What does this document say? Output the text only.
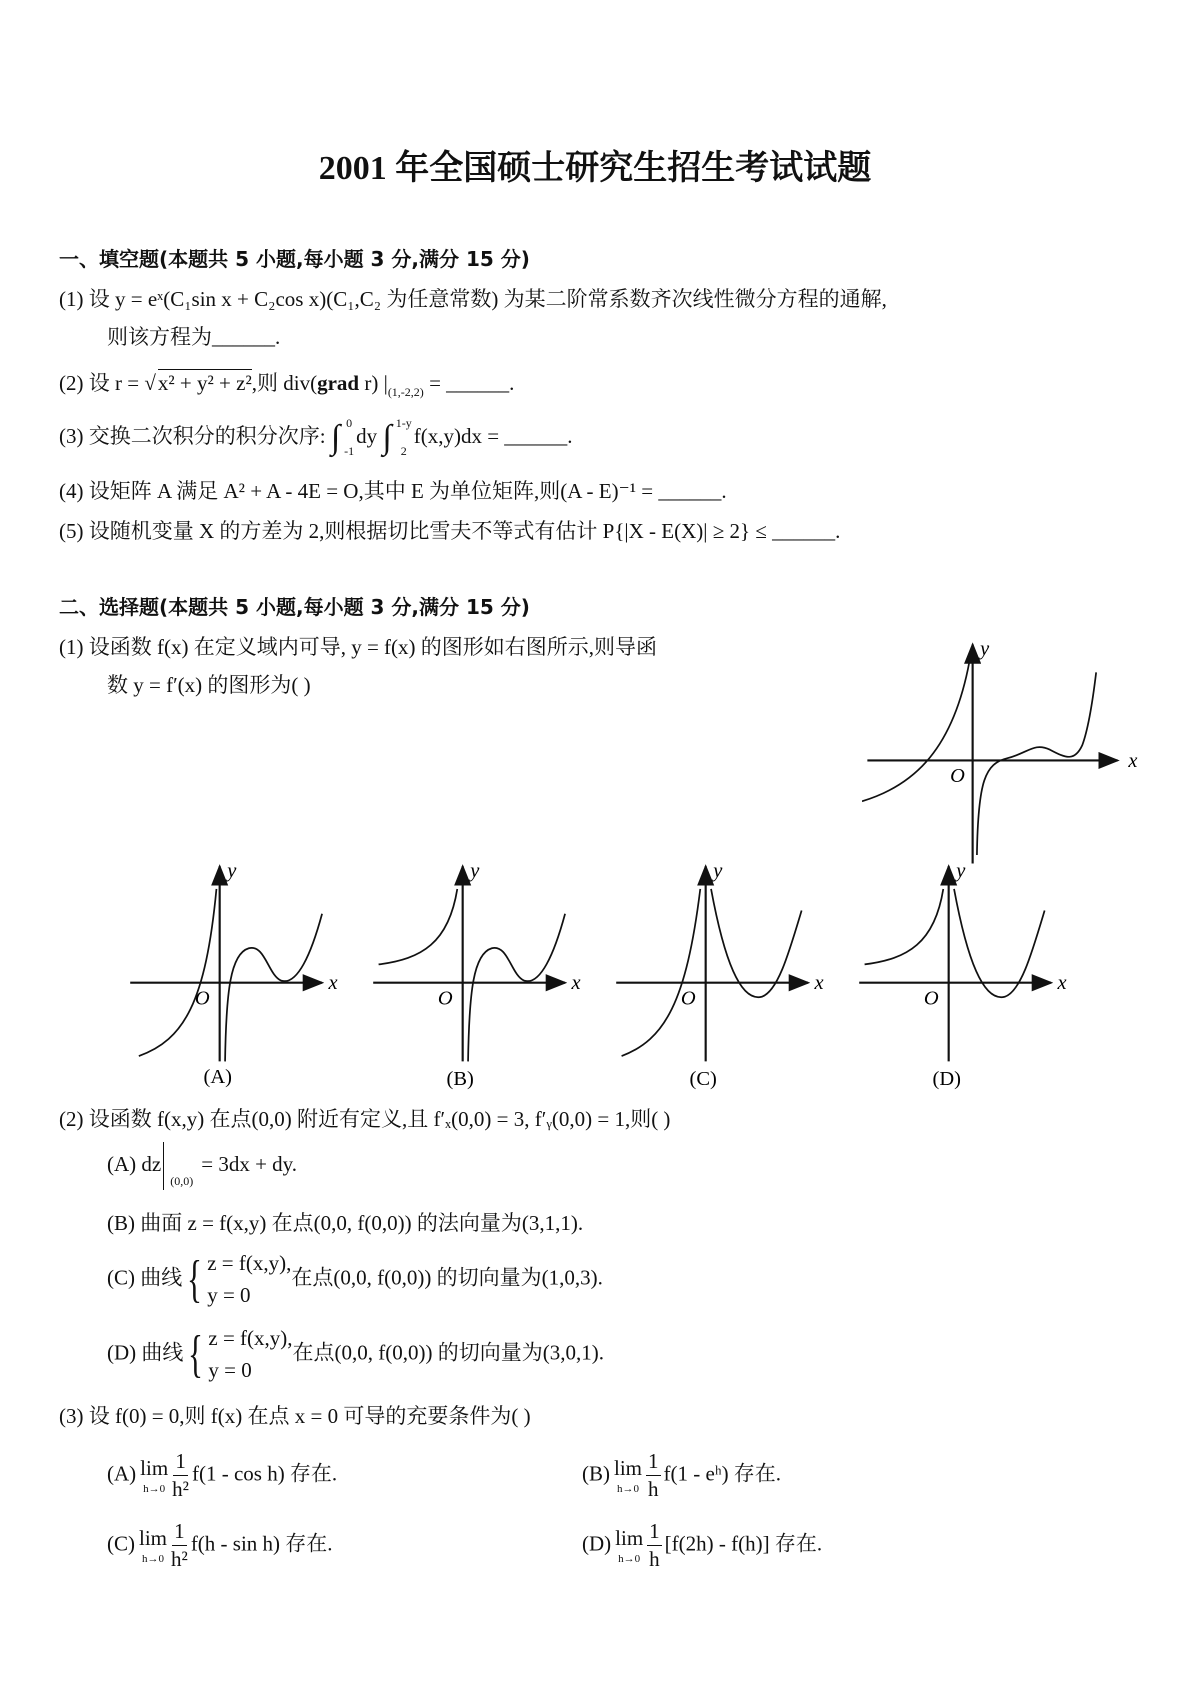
2001 年全国硕士研究生招生考试试题
一、填空题(本题共 5 小题,每小题 3 分,满分 15 分)
(1) 设 y = eˣ(C₁sin x + C₂cos x)(C₁,C₂ 为任意常数) 为某二阶常系数齐次线性微分方程的通解,
则该方程为______.
(2) 设 r = √x² + y² + z²,则 div(grad r) $|_{(1,-2,2)}$ = ______.
(3) 交换二次积分的积分次序: ∫ 0
-1
dy ∫ 1-y
2
f(x,y)dx = ______.
(4) 设矩阵 A 满足 A² + A - 4E = O,其中 E 为单位矩阵,则(A - E)⁻¹ = ______.
(5) 设随机变量 X 的方差为 2,则根据切比雪夫不等式有估计 P{|X - E(X)| ≥ 2} ≤ ______.
二、选择题(本题共 5 小题,每小题 3 分,满分 15 分)
(1) 设函数 f(x) 在定义域内可导, y = f(x) 的图形如右图所示,则导函
数 y = f′(x) 的图形为( )
x
y
O
x
y
O
(A)
x
y
O
(B)
x
y
O
(C)
x
y
O
(D)
(2) 设函数 f(x,y) 在点(0,0) 附近有定义,且 f′ₓ(0,0) = 3, f′ᵧ(0,0) = 1,则( )
(A) dz(0,0)= 3dx + dy.
(B) 曲面 z = f(x,y) 在点(0,0, f(0,0)) 的法向量为(3,1,1).
(C) 曲线 { z = f(x,y),
y = 0
在点(0,0, f(0,0)) 的切向量为(1,0,3).
(D) 曲线 { z = f(x,y),
y = 0
在点(0,0, f(0,0)) 的切向量为(3,0,1).
(3) 设 f(0) = 0,则 f(x) 在点 x = 0 可导的充要条件为( )
(A) lim
$h\to 0 \frac{1}{\text{h²}} f(1 - \cos h)$ 存在.	(B) lim
$h\to 0 \frac{1}{h} f(1$ - eʰ) 存在.
(C) lim
$h\to 0 \frac{1}{\text{h²}} f(h - \sin h)$ 存在.	(D) lim
$h\to 0 \frac{1}{h} [f(2h) - f(h)]$ 存在.
